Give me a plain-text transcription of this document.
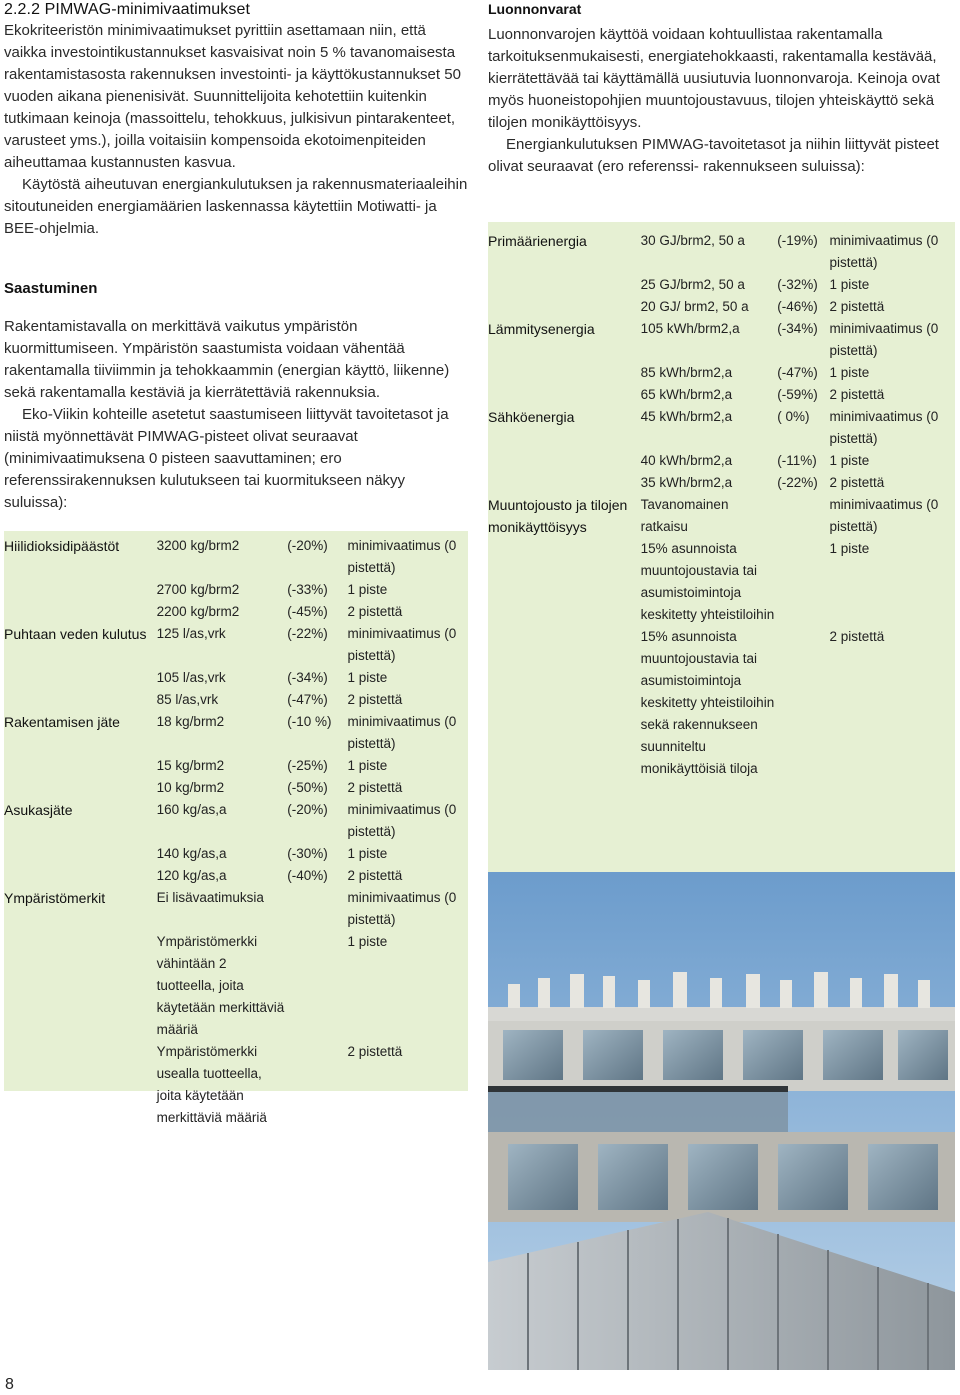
2.2.2 PIMWAG-minimivaatimukset

Ekokriteeristön minimivaatimukset pyrittiin asettamaan niin, että vaikka investointikustannukset kasvaisivat noin 5 % tavanomaisesta rakentamistasosta rakennuksen investointi- ja käyttökustannukset 50 vuoden aikana pienenisivät. Suunnittelijoita kehotettiin kuitenkin tutkimaan keinoja (massoittelu, tehokkuus, julkisivun pintarakenteet, varusteet yms.), joilla voitaisiin kompensoida ekotoimenpiteiden aiheuttamaa kustannusten kasvua.

Käytöstä aiheutuvan energiankulutuksen ja rakennusmateriaaleihin sitoutuneiden energiamäärien laskennassa käytettiin Motiwatti- ja BEE-ohjelmia.

Saastuminen

Rakentamistavalla on merkittävä vaikutus ympäristön kuormittumiseen. Ympäristön saastumista voidaan vähentää rakentamalla tiiviimmin ja tehokkaammin (energian käyttö, liikenne) sekä rakentamalla kestäviä ja kierrätettäviä rakennuksia.

Eko-Viikin kohteille asetetut saastumiseen liittyvät tavoitetasot ja niistä myönnettävät PIMWAG-pisteet olivat seuraavat (minimivaatimuksena 0 pisteen saavuttaminen; ero referenssirakennuksen kulutukseen tai kuormitukseen näkyy suluissa):

Hiilidioksidipäästöt	3200 kg/brm2	(-20%)	minimivaatimus (0 pistettä)
	2700 kg/brm2	(-33%)	1 piste
	2200 kg/brm2	(-45%)	2 pistettä
Puhtaan veden kulutus	125 l/as,vrk	(-22%)	minimivaatimus (0 pistettä)
	105 l/as,vrk	(-34%)	1 piste
	85 l/as,vrk	(-47%)	2 pistettä
Rakentamisen jäte	18 kg/brm2	(-10 %)	minimivaatimus (0 pistettä)
	15 kg/brm2	(-25%)	1 piste
	10 kg/brm2	(-50%)	2 pistettä
Asukasjäte	160 kg/as,a	(-20%)	minimivaatimus (0 pistettä)
	140 kg/as,a	(-30%)	1 piste
	120 kg/as,a	(-40%)	2 pistettä
Ympäristömerkit	Ei lisävaatimuksia		minimivaatimus (0 pistettä)
	Ympäristömerkki vähintään 2 tuotteella, joita käytetään merkittäviä määriä		1 piste
	Ympäristömerkki usealla tuotteella, joita käytetään merkittäviä määriä		2 pistettä
Luonnonvarat

Luonnonvarojen käyttöä voidaan kohtuullistaa rakentamalla tarkoituksenmukaisesti, energiatehokkaasti, rakentamalla kestävää, kierrätettävää tai käyttämällä uusiutuvia luonnonvaroja. Keinoja ovat myös huoneistopohjien muuntojoustavuus, tilojen yhteiskäyttö sekä tilojen monikäyttöisyys.

Energiankulutuksen PIMWAG-tavoitetasot ja niihin liittyvät pisteet olivat seuraavat (ero referenssi- rakennukseen suluissa):

Primäärienergia	30 GJ/brm2, 50 a	(-19%)	minimivaatimus (0 pistettä)
	25 GJ/brm2, 50 a	(-32%)	1 piste
	20 GJ/ brm2, 50 a	(-46%)	2 pistettä
Lämmitysenergia	105 kWh/brm2,a	(-34%)	minimivaatimus (0 pistettä)
	85 kWh/brm2,a	(-47%)	1 piste
	65 kWh/brm2,a	(-59%)	2 pistettä
Sähköenergia	45 kWh/brm2,a	( 0%)	minimivaatimus (0 pistettä)
	40 kWh/brm2,a	(-11%)	1 piste
	35 kWh/brm2,a	(-22%)	2 pistettä
Muuntojousto ja tilojen monikäyttöisyys	Tavanomainen ratkaisu		minimivaatimus (0 pistettä)
	15% asunnoista muuntojoustavia tai asumistoimintoja keskitetty yhteistiloihin		1 piste
	15% asunnoista muuntojoustavia tai asumistoimintoja keskitetty yhteistiloihin sekä rakennukseen suunniteltu monikäyttöisiä tiloja		2 pistettä
8
